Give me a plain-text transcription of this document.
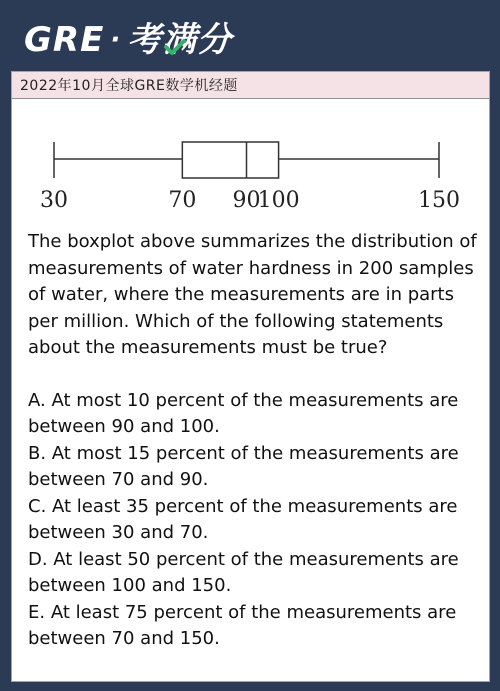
GRE · 考满分
2022年10月全球GRE数学机经题
30	70 90
100	150

The boxplot above summarizes the distribution of measurements of water hardness in 200 samples of water, where the measurements are in parts per million. Which of the following statements about the measurements must be true?

A. At most 10 percent of the measurements are between 90 and 100.
B. At most 15 percent of the measurements are between 70 and 90.
C. At least 35 percent of the measurements are between 30 and 70.
D. At least 50 percent of the measurements are between 100 and 150.
E. At least 75 percent of the measurements are between 70 and 150.
